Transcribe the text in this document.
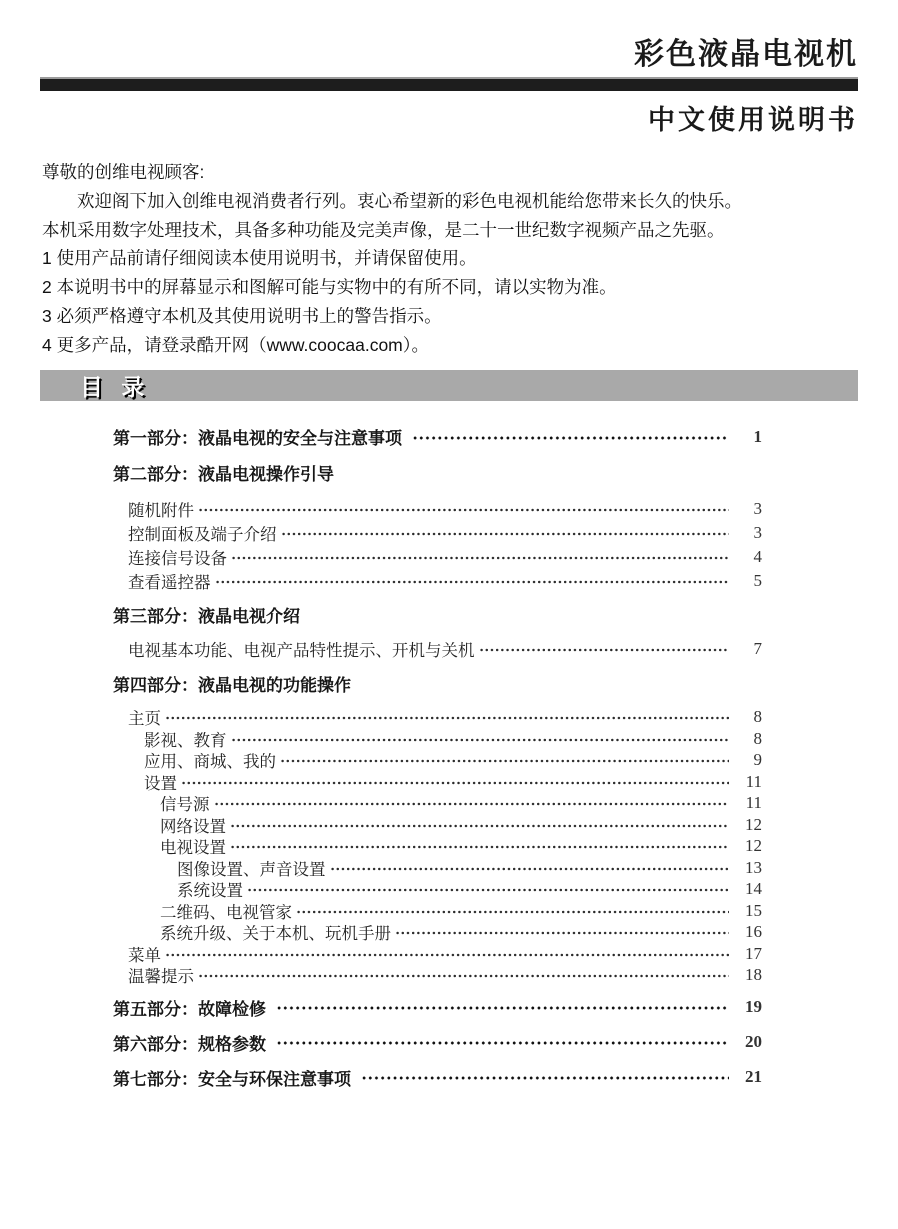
彩色液晶电视机
中文使用说明书

尊敬的创维电视顾客:

欢迎阁下加入创维电视消费者行列。衷心希望新的彩色电视机能给您带来长久的快乐。

本机采用数字处理技术，具备多种功能及完美声像，是二十一世纪数字视频产品之先驱。

1 使用产品前请仔细阅读本使用说明书，并请保留使用。

2 本说明书中的屏幕显示和图解可能与实物中的有所不同，请以实物为准。

3 必须严格遵守本机及其使用说明书上的警告指示。

4 更多产品，请登录酷开网（www.coocaa.com）。

目 录
第一部分：液晶电视的安全与注意事项	1
第二部分：液晶电视操作引导
随机附件	3
控制面板及端子介绍	3
连接信号设备	4
查看遥控器	5
第三部分：液晶电视介绍
电视基本功能、电视产品特性提示、开机与关机	7
第四部分：液晶电视的功能操作
主页	8
影视、教育	8
应用、商城、我的	9
设置	11
信号源	11
网络设置	12
电视设置	12
图像设置、声音设置	13
系统设置	14
二维码、电视管家	15
系统升级、关于本机、玩机手册	16
菜单	17
温馨提示	18
第五部分：故障检修	19
第六部分：规格参数	20
第七部分：安全与环保注意事项	21
